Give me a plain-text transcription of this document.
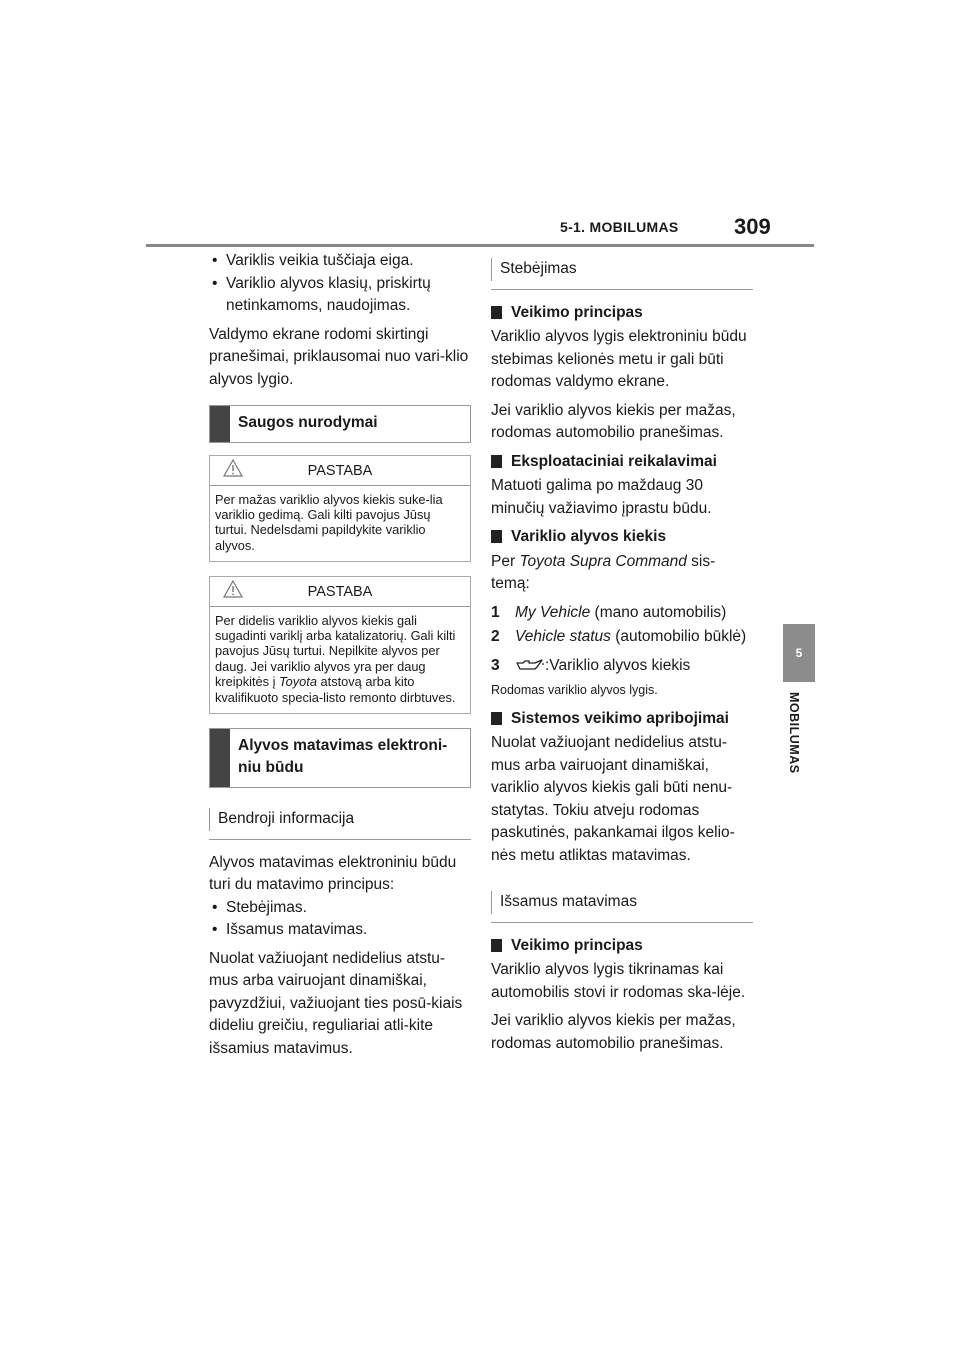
5-1. MOBILUMAS	309
5
MOBILUMAS

• Variklis veikia tuščiaja eiga.

• Variklio alyvos klasių, priskirtų netinkamoms, naudojimas.

Valdymo ekrane rodomi skirtingi pranešimai, priklausomai nuo vari-klio alyvos lygio.

Saugos nurodymai
PASTABA
Per mažas variklio alyvos kiekis suke-lia variklio gedimą. Gali kilti pavojus Jūsų turtui. Nedelsdami papildykite variklio alyvos.
PASTABA
Per didelis variklio alyvos kiekis gali sugadinti variklį arba katalizatorių. Gali kilti pavojus Jūsų turtui. Nepilkite alyvos per daug. Jei variklio alyvos yra per daug kreipkitės į Toyota atstovą arba kito kvalifikuoto specia-listo remonto dirbtuves.
Alyvos matavimas elektroni-niu būdu
Bendroji informacija

Alyvos matavimas elektroniniu būdu turi du matavimo principus:

• Stebėjimas.

• Išsamus matavimas.

Nuolat važiuojant nedidelius atstu-mus arba vairuojant dinamiškai, pavyzdžiui, važiuojant ties posū-kiais dideliu greičiu, reguliariai atli-kite išsamius matavimus.

Stebėjimas

Veikimo principas

Variklio alyvos lygis elektroniniu būdu stebimas kelionės metu ir gali būti rodomas valdymo ekrane.

Jei variklio alyvos kiekis per mažas, rodomas automobilio pranešimas.

Eksploataciniai reikalavimai

Matuoti galima po maždaug 30 minučių važiavimo įprastu būdu.

Variklio alyvos kiekis

Per Toyota Supra Command sis-temą:

1 My Vehicle (mano automobilis)

2 Vehicle status (automobilio būklė)

3	:Variklio alyvos kiekis

Rodomas variklio alyvos lygis.

Sistemos veikimo apribojimai

Nuolat važiuojant nedidelius atstu-mus arba vairuojant dinamiškai, variklio alyvos kiekis gali būti nenu-statytas. Tokiu atveju rodomas paskutinės, pakankamai ilgos kelio-nės metu atliktas matavimas.

Išsamus matavimas

Veikimo principas

Variklio alyvos lygis tikrinamas kai automobilis stovi ir rodomas ska-lėje.

Jei variklio alyvos kiekis per mažas, rodomas automobilio pranešimas.
